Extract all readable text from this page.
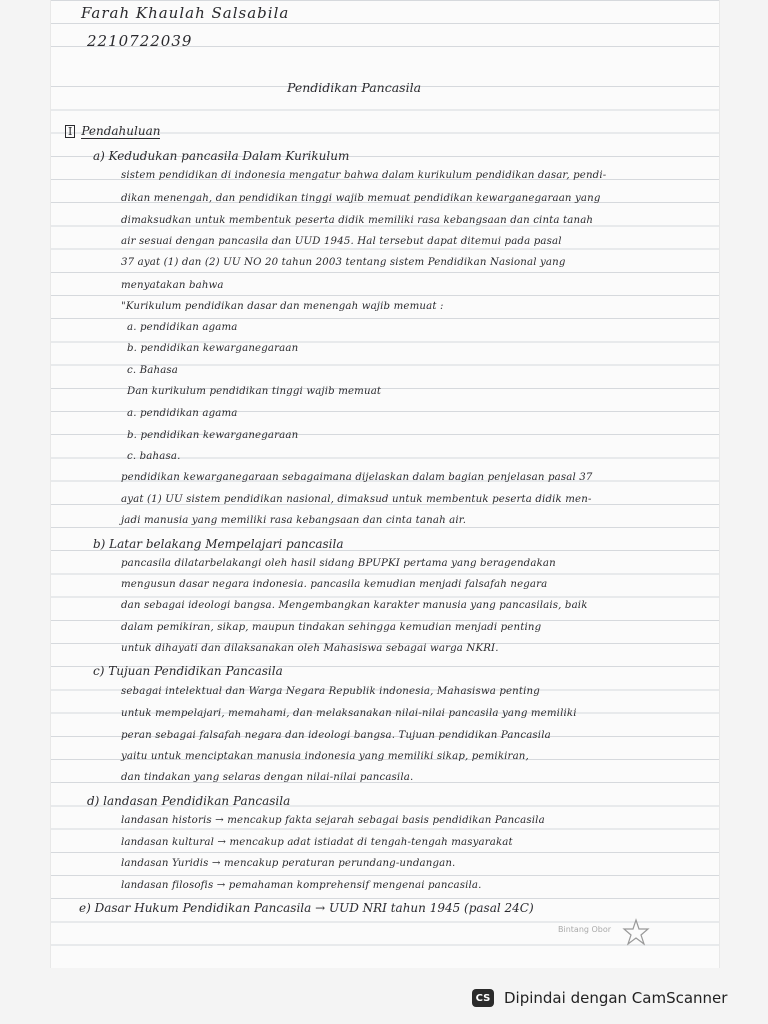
Farah Khaulah Salsabila
2210722039
Pendidikan Pancasila
I Pendahuluan
a) Kedudukan pancasila Dalam Kurikulum
sistem pendidikan di indonesia mengatur bahwa dalam kurikulum pendidikan dasar, pendi-
dikan menengah, dan pendidikan tinggi wajib memuat pendidikan kewarganegaraan yang
dimaksudkan untuk membentuk peserta didik memiliki rasa kebangsaan dan cinta tanah
air sesuai dengan pancasila dan UUD 1945. Hal tersebut dapat ditemui pada pasal
37 ayat (1) dan (2) UU NO 20 tahun 2003 tentang sistem Pendidikan Nasional yang
menyatakan bahwa
"Kurikulum pendidikan dasar dan menengah wajib memuat :
a. pendidikan agama
b. pendidikan kewarganegaraan
c. Bahasa
Dan kurikulum pendidikan tinggi wajib memuat
a. pendidikan agama
b. pendidikan kewarganegaraan
c. bahasa.
pendidikan kewarganegaraan sebagaimana dijelaskan dalam bagian penjelasan pasal 37
ayat (1) UU sistem pendidikan nasional, dimaksud untuk membentuk peserta didik men-
jadi manusia yang memiliki rasa kebangsaan dan cinta tanah air.
b) Latar belakang Mempelajari pancasila
pancasila dilatarbelakangi oleh hasil sidang BPUPKI pertama yang beragendakan
mengusun dasar negara indonesia. pancasila kemudian menjadi falsafah negara
dan sebagai ideologi bangsa. Mengembangkan karakter manusia yang pancasilais, baik
dalam pemikiran, sikap, maupun tindakan sehingga kemudian menjadi penting
untuk dihayati dan dilaksanakan oleh Mahasiswa sebagai warga NKRI.
c) Tujuan Pendidikan Pancasila
sebagai intelektual dan Warga Negara Republik indonesia, Mahasiswa penting
untuk mempelajari, memahami, dan melaksanakan nilai-nilai pancasila yang memiliki
peran sebagai falsafah negara dan ideologi bangsa. Tujuan pendidikan Pancasila
yaitu untuk menciptakan manusia indonesia yang memiliki sikap, pemikiran,
dan tindakan yang selaras dengan nilai-nilai pancasila.
d) landasan Pendidikan Pancasila
landasan historis → mencakup fakta sejarah sebagai basis pendidikan Pancasila
landasan kultural → mencakup adat istiadat di tengah-tengah masyarakat
landasan Yuridis → mencakup peraturan perundang-undangan.
landasan filosofis → pemahaman komprehensif mengenai pancasila.
e) Dasar Hukum Pendidikan Pancasila → UUD NRI tahun 1945 (pasal 24C)
Bintang Obor
CS Dipindai dengan CamScanner
